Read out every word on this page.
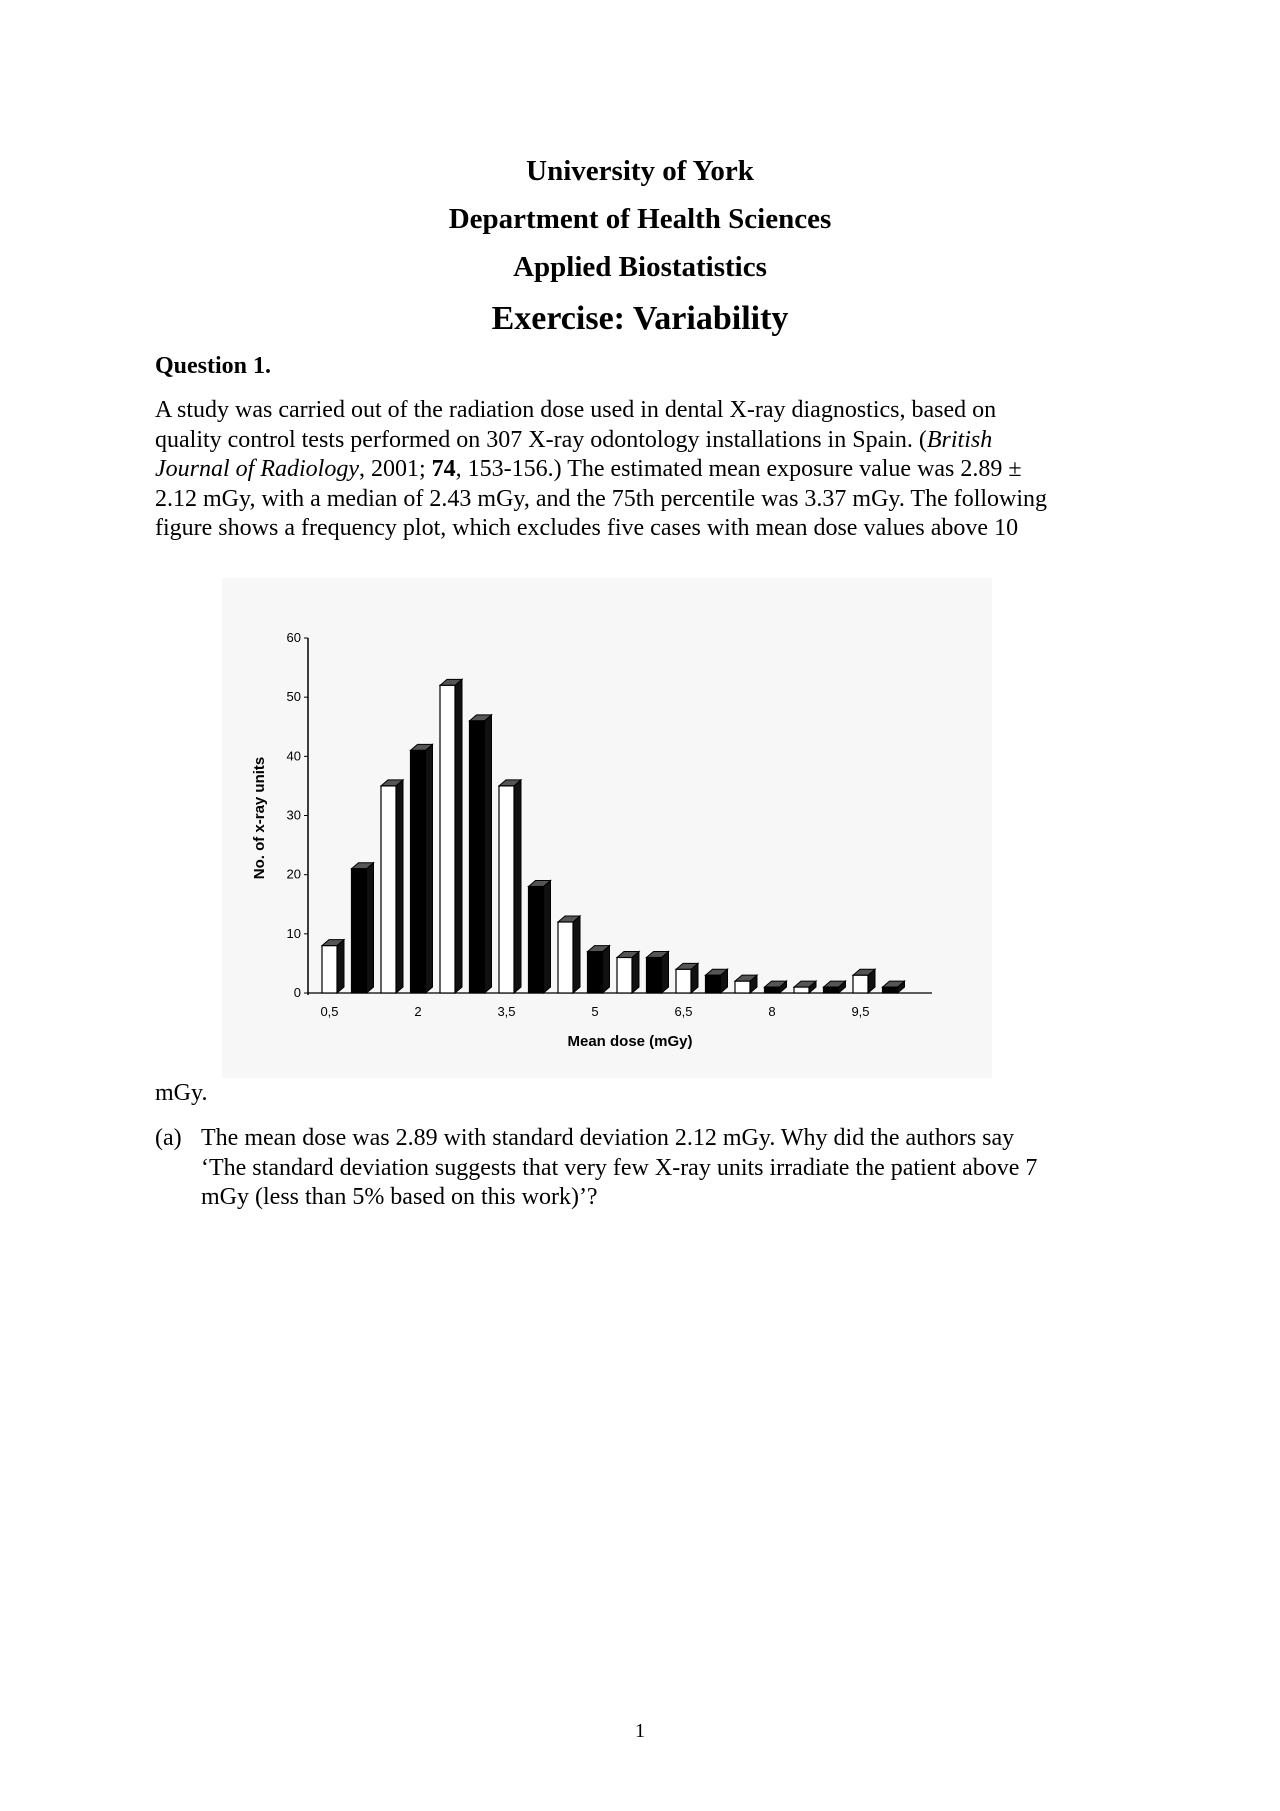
University of York
Department of Health Sciences
Applied Biostatistics
Exercise: Variability
Question 1.
A study was carried out of the radiation dose used in dental X-ray diagnostics, based on
quality control tests performed on 307 X-ray odontology installations in Spain. (British
Journal of Radiology, 2001; 74, 153-156.) The estimated mean exposure value was 2.89 ±
2.12 mGy, with a median of 2.43 mGy, and the 75th percentile was 3.37 mGy. The following
figure shows a frequency plot, which excludes five cases with mean dose values above 10
0
10
20
30
40
50
60
0,5	2	3,5	5	6,5	8	9,5
Mean dose (mGy)
No. of x-ray units
mGy.
(a) The mean dose was 2.89 with standard deviation 2.12 mGy. Why did the authors say
‘The standard deviation suggests that very few X-ray units irradiate the patient above 7
mGy (less than 5% based on this work)’?
1
